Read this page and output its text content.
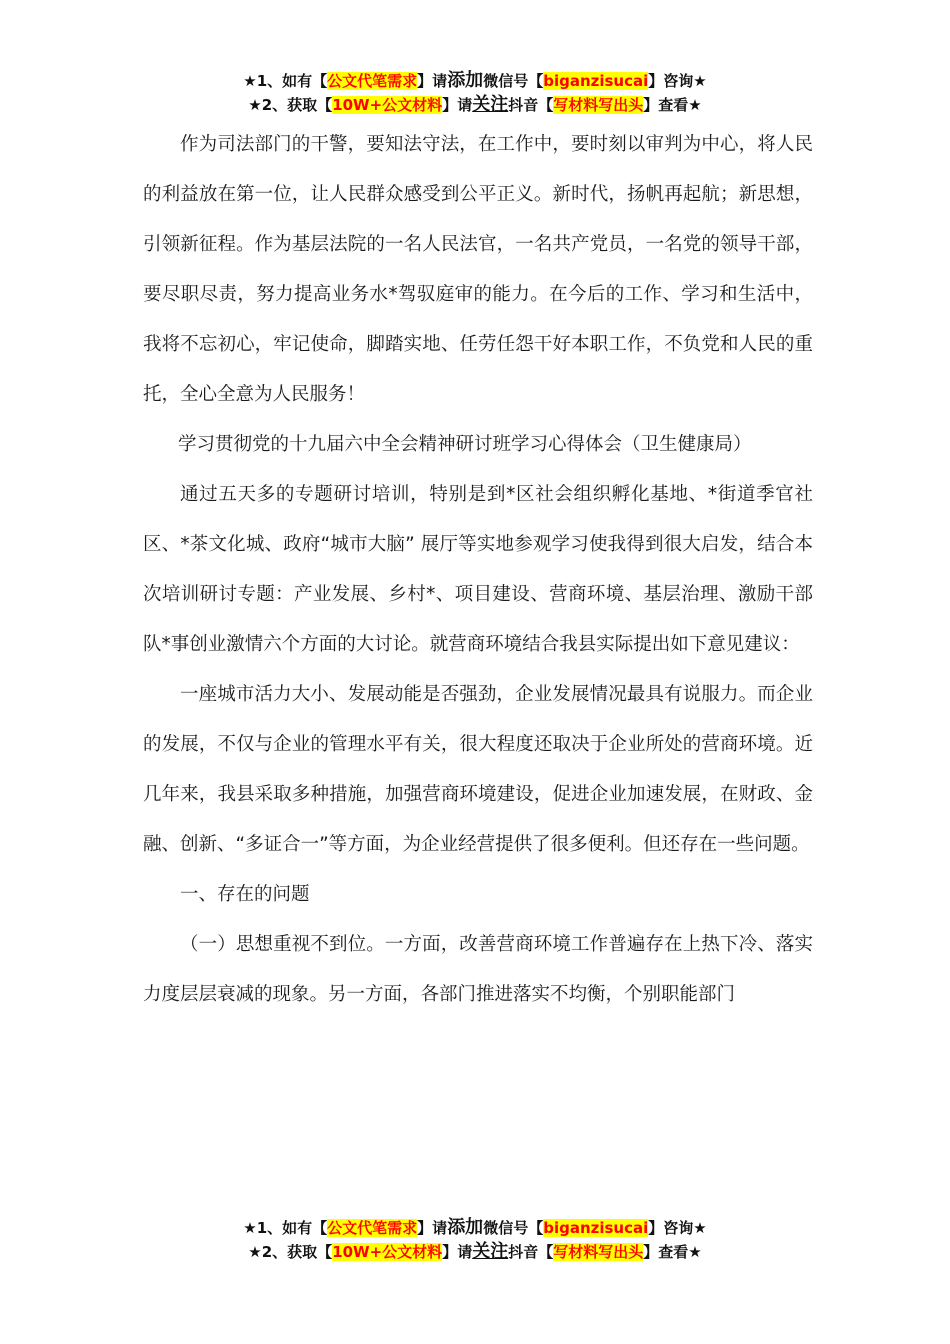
★1、如有【公文代笔需求】请添加微信号【biganzisucai】咨询★
★2、获取【10W+公文材料】请关注抖音【写材料写出头】查看★

作为司法部门的干警，要知法守法，在工作中，要时刻以审判为中心，将人民的利益放在第一位，让人民群众感受到公平正义。新时代，扬帆再起航；新思想，引领新征程。作为基层法院的一名人民法官，一名共产党员，一名党的领导干部，要尽职尽责，努力提高业务水*驾驭庭审的能力。在今后的工作、学习和生活中，我将不忘初心，牢记使命，脚踏实地、任劳任怨干好本职工作，不负党和人民的重托，全心全意为人民服务！

学习贯彻党的十九届六中全会精神研讨班学习心得体会（卫生健康局）

通过五天多的专题研讨培训，特别是到*区社会组织孵化基地、*街道季官社区、*茶文化城、政府“城市大脑” 展厅等实地参观学习使我得到很大启发，结合本次培训研讨专题：产业发展、乡村*、项目建设、营商环境、基层治理、激励干部队*事创业激情六个方面的大讨论。就营商环境结合我县实际提出如下意见建议：

一座城市活力大小、发展动能是否强劲，企业发展情况最具有说服力。而企业的发展，不仅与企业的管理水平有关，很大程度还取决于企业所处的营商环境。近几年来，我县采取多种措施，加强营商环境建设，促进企业加速发展，在财政、金融、创新、“多证合一”等方面，为企业经营提供了很多便利。但还存在一些问题。

一、存在的问题

（一）思想重视不到位。一方面，改善营商环境工作普遍存在上热下冷、落实力度层层衰减的现象。另一方面，各部门推进落实不均衡，个别职能部门

★1、如有【公文代笔需求】请添加微信号【biganzisucai】咨询★
★2、获取【10W+公文材料】请关注抖音【写材料写出头】查看★
